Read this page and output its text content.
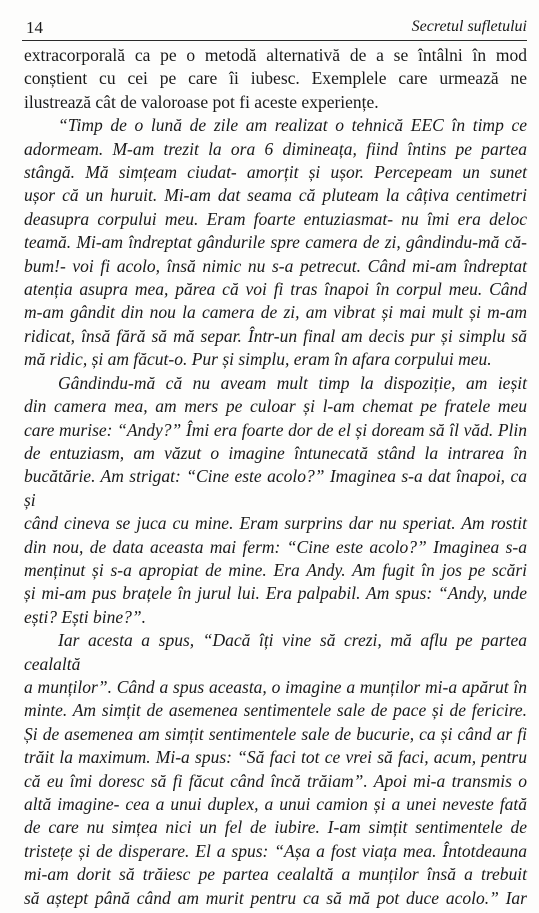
14	Secretul sufletului
extracorporală ca pe o metodă alternativă de a se întâlni în mod
conștient cu cei pe care îi iubesc. Exemplele care urmează ne
ilustrează cât de valoroase pot fi aceste experiențe.
“Timp de o lună de zile am realizat o tehnică EEC în timp ce
adormeam. M-am trezit la ora 6 dimineața, fiind întins pe partea
stângă. Mă simțeam ciudat- amorțit și ușor. Percepeam un sunet
ușor că un huruit. Mi-am dat seama că pluteam la câțiva centimetri
deasupra corpului meu. Eram foarte entuziasmat- nu îmi era deloc
teamă. Mi-am îndreptat gândurile spre camera de zi, gândindu-mă că-
bum!- voi fi acolo, însă nimic nu s-a petrecut. Când mi-am îndreptat
atenția asupra mea, părea că voi fi tras înapoi în corpul meu. Când
m-am gândit din nou la camera de zi, am vibrat și mai mult și m-am
ridicat, însă fără să mă separ. Într-un final am decis pur și simplu să
mă ridic, și am făcut-o. Pur și simplu, eram în afara corpului meu.
Gândindu-mă că nu aveam mult timp la dispoziție, am ieșit
din camera mea, am mers pe culoar și l-am chemat pe fratele meu
care murise: “Andy?” Îmi era foarte dor de el și doream să îl văd. Plin
de entuziasm, am văzut o imagine întunecată stând la intrarea în
bucătărie. Am strigat: “Cine este acolo?” Imaginea s-a dat înapoi, ca și
când cineva se juca cu mine. Eram surprins dar nu speriat. Am rostit
din nou, de data aceasta mai ferm: “Cine este acolo?” Imaginea s-a
menținut și s-a apropiat de mine. Era Andy. Am fugit în jos pe scări
și mi-am pus brațele în jurul lui. Era palpabil. Am spus: “Andy, unde
ești? Ești bine?”.
Iar acesta a spus, “Dacă îți vine să crezi, mă aflu pe partea cealaltă
a munților”. Când a spus aceasta, o imagine a munților mi-a apărut în
minte. Am simțit de asemenea sentimentele sale de pace și de fericire.
Și de asemenea am simțit sentimentele sale de bucurie, ca și când ar fi
trăit la maximum. Mi-a spus: “Să faci tot ce vrei să faci, acum, pentru
că eu îmi doresc să fi făcut când încă trăiam”. Apoi mi-a transmis o
altă imagine- cea a unui duplex, a unui camion și a unei neveste fată
de care nu simțea nici un fel de iubire. I-am simțit sentimentele de
tristețe și de disperare. El a spus: “Așa a fost viața mea. Întotdeauna
mi-am dorit să trăiesc pe partea cealaltă a munților însă a trebuit
să aștept până când am murit pentru ca să mă pot duce acolo.” Iar
